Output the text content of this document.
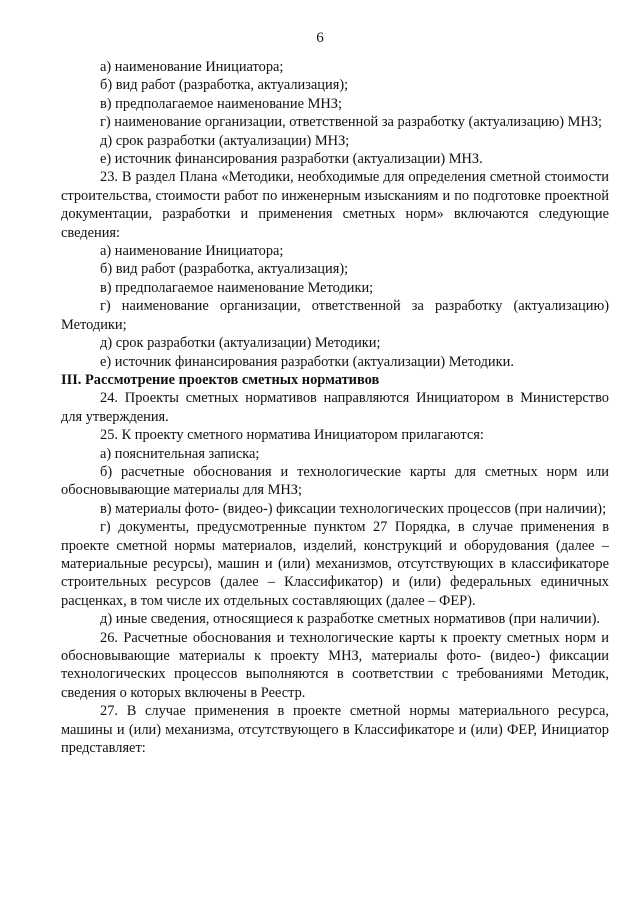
6

а) наименование Инициатора;

б) вид работ (разработка, актуализация);

в) предполагаемое наименование МНЗ;

г) наименование организации, ответственной за разработку (актуализацию) МНЗ;

д) срок разработки (актуализации) МНЗ;

е) источник финансирования разработки (актуализации) МНЗ.

23. В раздел Плана «Методики, необходимые для определения сметной стоимости строительства, стоимости работ по инженерным изысканиям и по подготовке проектной документации, разработки и применения сметных норм» включаются следующие сведения:

а) наименование Инициатора;

б) вид работ (разработка, актуализация);

в) предполагаемое наименование Методики;

г) наименование организации, ответственной за разработку (актуализацию) Методики;

д) срок разработки (актуализации) Методики;

е) источник финансирования разработки (актуализации) Методики.

III. Рассмотрение проектов сметных нормативов

24. Проекты сметных нормативов направляются Инициатором в Министерство для утверждения.

25. К проекту сметного норматива Инициатором прилагаются:

а) пояснительная записка;

б) расчетные обоснования и технологические карты для сметных норм или обосновывающие материалы для МНЗ;

в) материалы фото- (видео-) фиксации технологических процессов (при наличии);

г) документы, предусмотренные пунктом 27 Порядка, в случае применения в проекте сметной нормы материалов, изделий, конструкций и оборудования (далее – материальные ресурсы), машин и (или) механизмов, отсутствующих в классификаторе строительных ресурсов (далее – Классификатор) и (или) федеральных единичных расценках, в том числе их отдельных составляющих (далее – ФЕР).

д) иные сведения, относящиеся к разработке сметных нормативов (при наличии).

26. Расчетные обоснования и технологические карты к проекту сметных норм и обосновывающие материалы к проекту МНЗ, материалы фото- (видео-) фиксации технологических процессов выполняются в соответствии с требованиями Методик, сведения о которых включены в Реестр.

27. В случае применения в проекте сметной нормы материального ресурса, машины и (или) механизма, отсутствующего в Классификаторе и (или) ФЕР, Инициатор представляет:
